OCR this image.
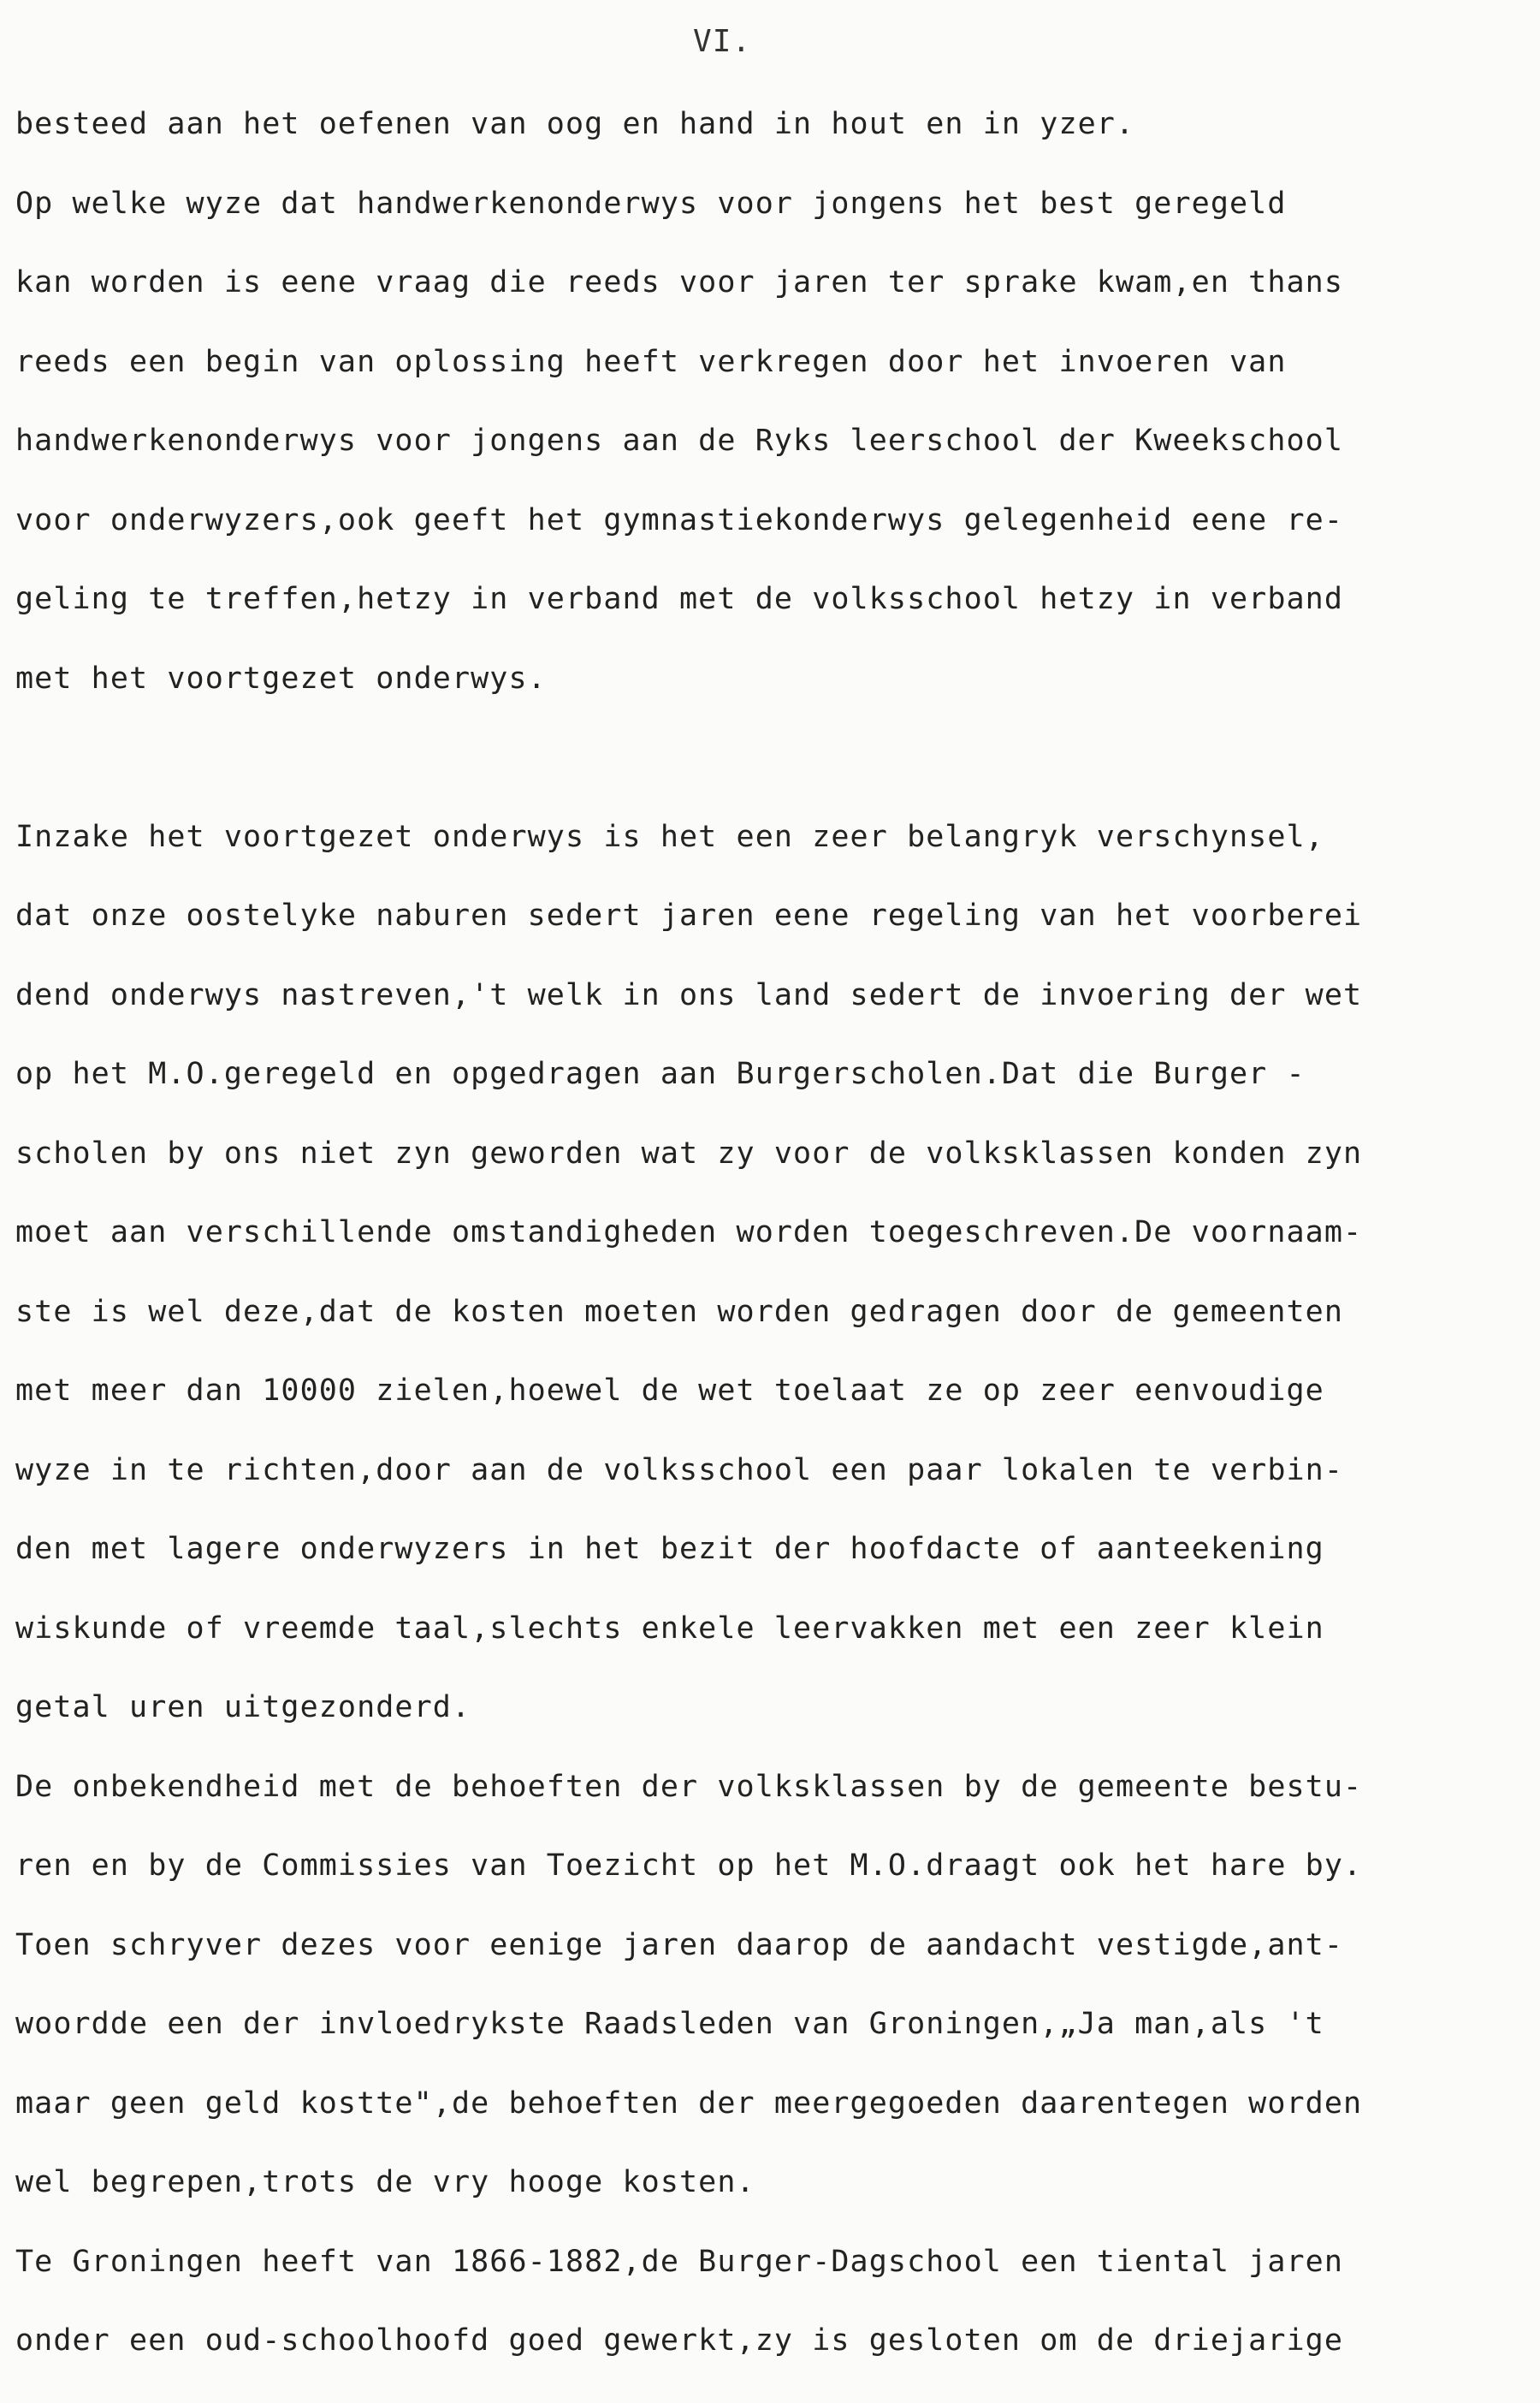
VI.
besteed aan het oefenen van oog en hand in hout en in yzer.
Op welke wyze dat handwerkenonderwys voor jongens het best geregeld
kan worden is eene vraag die reeds voor jaren ter sprake kwam,en thans
reeds een begin van oplossing heeft verkregen door het invoeren van
handwerkenonderwys voor jongens aan de Ryks leerschool der Kweekschool
voor onderwyzers,ook geeft het gymnastiekonderwys gelegenheid eene re-
geling te treffen,hetzy in verband met de volksschool hetzy in verband
met het voortgezet onderwys.
Inzake het voortgezet onderwys is het een zeer belangryk verschynsel,
dat onze oostelyke naburen sedert jaren eene regeling van het voorberei
dend onderwys nastreven,'t welk in ons land sedert de invoering der wet
op het M.O.geregeld en opgedragen aan Burgerscholen.Dat die Burger -
scholen by ons niet zyn geworden wat zy voor de volksklassen konden zyn
moet aan verschillende omstandigheden worden toegeschreven.De voornaam-
ste is wel deze,dat de kosten moeten worden gedragen door de gemeenten
met meer dan 10000 zielen,hoewel de wet toelaat ze op zeer eenvoudige
wyze in te richten,door aan de volksschool een paar lokalen te verbin-
den met lagere onderwyzers in het bezit der hoofdacte of aanteekening
wiskunde of vreemde taal,slechts enkele leervakken met een zeer klein
getal uren uitgezonderd.
De onbekendheid met de behoeften der volksklassen by de gemeente bestu-
ren en by de Commissies van Toezicht op het M.O.draagt ook het hare by.
Toen schryver dezes voor eenige jaren daarop de aandacht vestigde,ant-
woordde een der invloedrykste Raadsleden van Groningen,„Ja man,als 't
maar geen geld kostte",de behoeften der meergegoeden daarentegen worden
wel begrepen,trots de vry hooge kosten.
Te Groningen heeft van 1866-1882,de Burger-Dagschool een tiental jaren
onder een oud-schoolhoofd goed gewerkt,zy is gesloten om de driejarige
